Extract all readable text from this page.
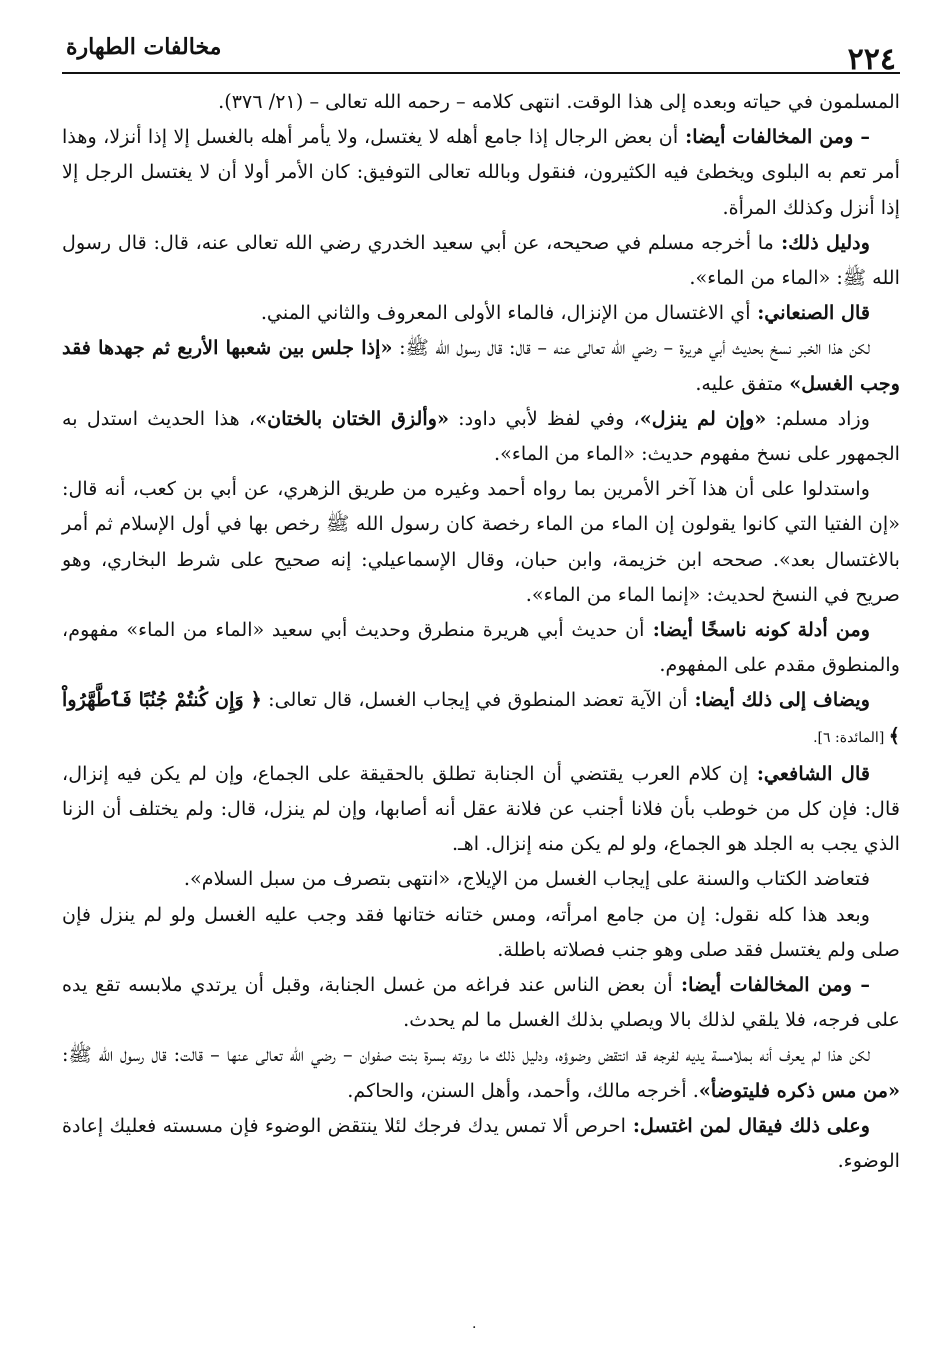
٢٢٤
مخالفات الطهارة

المسلمون في حياته وبعده إلى هذا الوقت. انتهى كلامه – رحمه الله تعالى – (٢١/ ٣٧٦).

– ومن المخالفات أيضا: أن بعض الرجال إذا جامع أهله لا يغتسل، ولا يأمر أهله بالغسل إلا إذا أنزلا، وهذا أمر تعم به البلوى ويخطئ فيه الكثيرون، فنقول وبالله تعالى التوفيق: كان الأمر أولا أن لا يغتسل الرجل إلا إذا أنزل وكذلك المرأة.

ودليل ذلك: ما أخرجه مسلم في صحيحه، عن أبي سعيد الخدري رضي الله تعالى عنه، قال: قال رسول الله ﷺ: «الماء من الماء».

قال الصنعاني: أي الاغتسال من الإنزال، فالماء الأولى المعروف والثاني المني.

لكن هذا الخبر نسخ بحديث أبي هريرة – رضي الله تعالى عنه – قال: قال رسول الله ﷺ: «إذا جلس بين شعبها الأربع ثم جهدها فقد وجب الغسل» متفق عليه.

وزاد مسلم: «وإن لم ينزل»، وفي لفظ لأبي داود: «وألزق الختان بالختان»، هذا الحديث استدل به الجمهور على نسخ مفهوم حديث: «الماء من الماء».

واستدلوا على أن هذا آخر الأمرين بما رواه أحمد وغيره من طريق الزهري، عن أبي بن كعب، أنه قال: «إن الفتيا التي كانوا يقولون إن الماء من الماء رخصة كان رسول الله ﷺ رخص بها في أول الإسلام ثم أمر بالاغتسال بعد». صححه ابن خزيمة، وابن حبان، وقال الإسماعيلي: إنه صحيح على شرط البخاري، وهو صريح في النسخ لحديث: «إنما الماء من الماء».

ومن أدلة كونه ناسخًا أيضا: أن حديث أبي هريرة منطرق وحديث أبي سعيد «الماء من الماء» مفهوم، والمنطوق مقدم على المفهوم.

ويضاف إلى ذلك أيضا: أن الآية تعضد المنطوق في إيجاب الغسل، قال تعالى: ﴿ وَإِن كُنتُمْ جُنُبًا فَٱطَّهَّرُواْ ﴾ [المائدة: ٦].

قال الشافعي: إن كلام العرب يقتضي أن الجنابة تطلق بالحقيقة على الجماع، وإن لم يكن فيه إنزال، قال: فإن كل من خوطب بأن فلانا أجنب عن فلانة عقل أنه أصابها، وإن لم ينزل، قال: ولم يختلف أن الزنا الذي يجب به الجلد هو الجماع، ولو لم يكن منه إنزال. اهـ.

فتعاضد الكتاب والسنة على إيجاب الغسل من الإيلاج، «انتهى بتصرف من سبل السلام».

وبعد هذا كله نقول: إن من جامع امرأته، ومس ختانه ختانها فقد وجب عليه الغسل ولو لم ينزل فإن صلى ولم يغتسل فقد صلى وهو جنب فصلاته باطلة.

– ومن المخالفات أيضا: أن بعض الناس عند فراغه من غسل الجنابة، وقبل أن يرتدي ملابسه تقع يده على فرجه، فلا يلقي لذلك بالا ويصلي بذلك الغسل ما لم يحدث.

لكن هذا لم يعرف أنه بملامسة يديه لفرجه قد انتقض وضوؤه، ودليل ذلك ما روته بسرة بنت صفوان – رضي الله تعالى عنها – قالت: قال رسول الله ﷺ: «من مس ذكره فليتوضأ». أخرجه مالك، وأحمد، وأهل السنن، والحاكم.

وعلى ذلك فيقال لمن اغتسل: احرص ألا تمس يدك فرجك لئلا ينتقض الوضوء فإن مسسته فعليك إعادة الوضوء.

·
